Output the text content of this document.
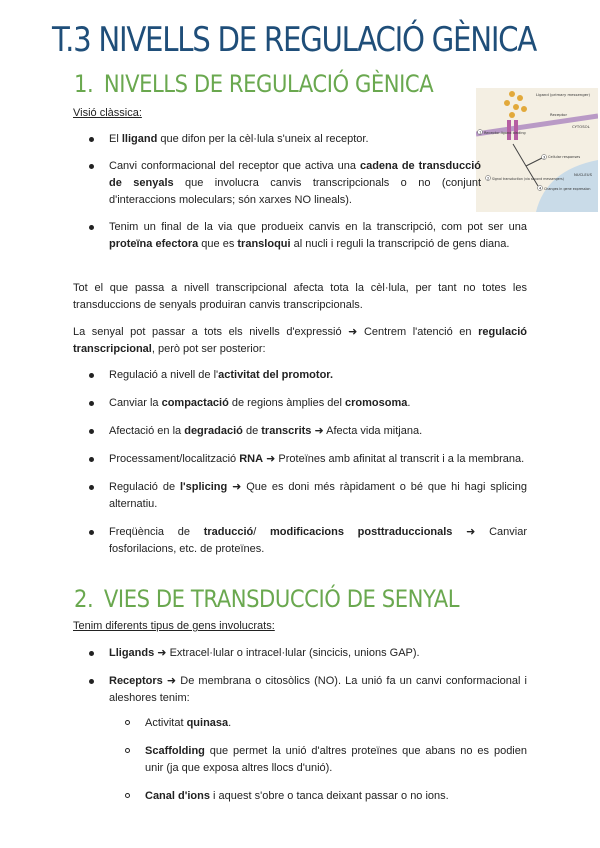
T.3 NIVELLS DE REGULACIÓ GÈNICA
1. NIVELLS DE REGULACIÓ GÈNICA
Visió clàssica:
Ligand (primary messenger)
Receptor
CYTOSOL
NUCLEUS
1 Receptor-ligand binding
2 Signal transduction (via second messengers)
3 Cellular responses
4 Changes in gene expression
El lligand que difon per la cèl·lula s'uneix al receptor.
Canvi conformacional del receptor que activa una cadena de transducció de senyals que involucra canvis transcripcionals o no (conjunt d'interaccions moleculars; són xarxes NO lineals).
Tenim un final de la via que produeix canvis en la transcripció, com pot ser una proteïna efectora que es transloqui al nucli i reguli la transcripció de gens diana.

Tot el que passa a nivell transcripcional afecta tota la cèl·lula, per tant no totes les transduccions de senyals produiran canvis transcripcionals.

La senyal pot passar a tots els nivells d'expressió ➜ Centrem l'atenció en regulació transcripcional, però pot ser posterior:

Regulació a nivell de l'activitat del promotor.
Canviar la compactació de regions àmplies del cromosoma.
Afectació en la degradació de transcrits ➜ Afecta vida mitjana.
Processament/localització RNA ➜ Proteïnes amb afinitat al transcrit i a la membrana.
Regulació de l'splicing ➜ Que es doni més ràpidament o bé que hi hagi splicing alternatiu.
Freqüència de traducció/ modificacions posttraduccionals ➜ Canviar fosforilacions, etc. de proteïnes.
2. VIES DE TRANSDUCCIÓ DE SENYAL
Tenim diferents tipus de gens involucrats:
Lligands ➜ Extracel·lular o intracel·lular (sincicis, unions GAP).
Receptors ➜ De membrana o citosòlics (NO). La unió fa un canvi conformacional i aleshores tenim:
Activitat quinasa.
Scaffolding que permet la unió d'altres proteïnes que abans no es podien unir (ja que exposa altres llocs d'unió).
Canal d'ions i aquest s'obre o tanca deixant passar o no ions.
